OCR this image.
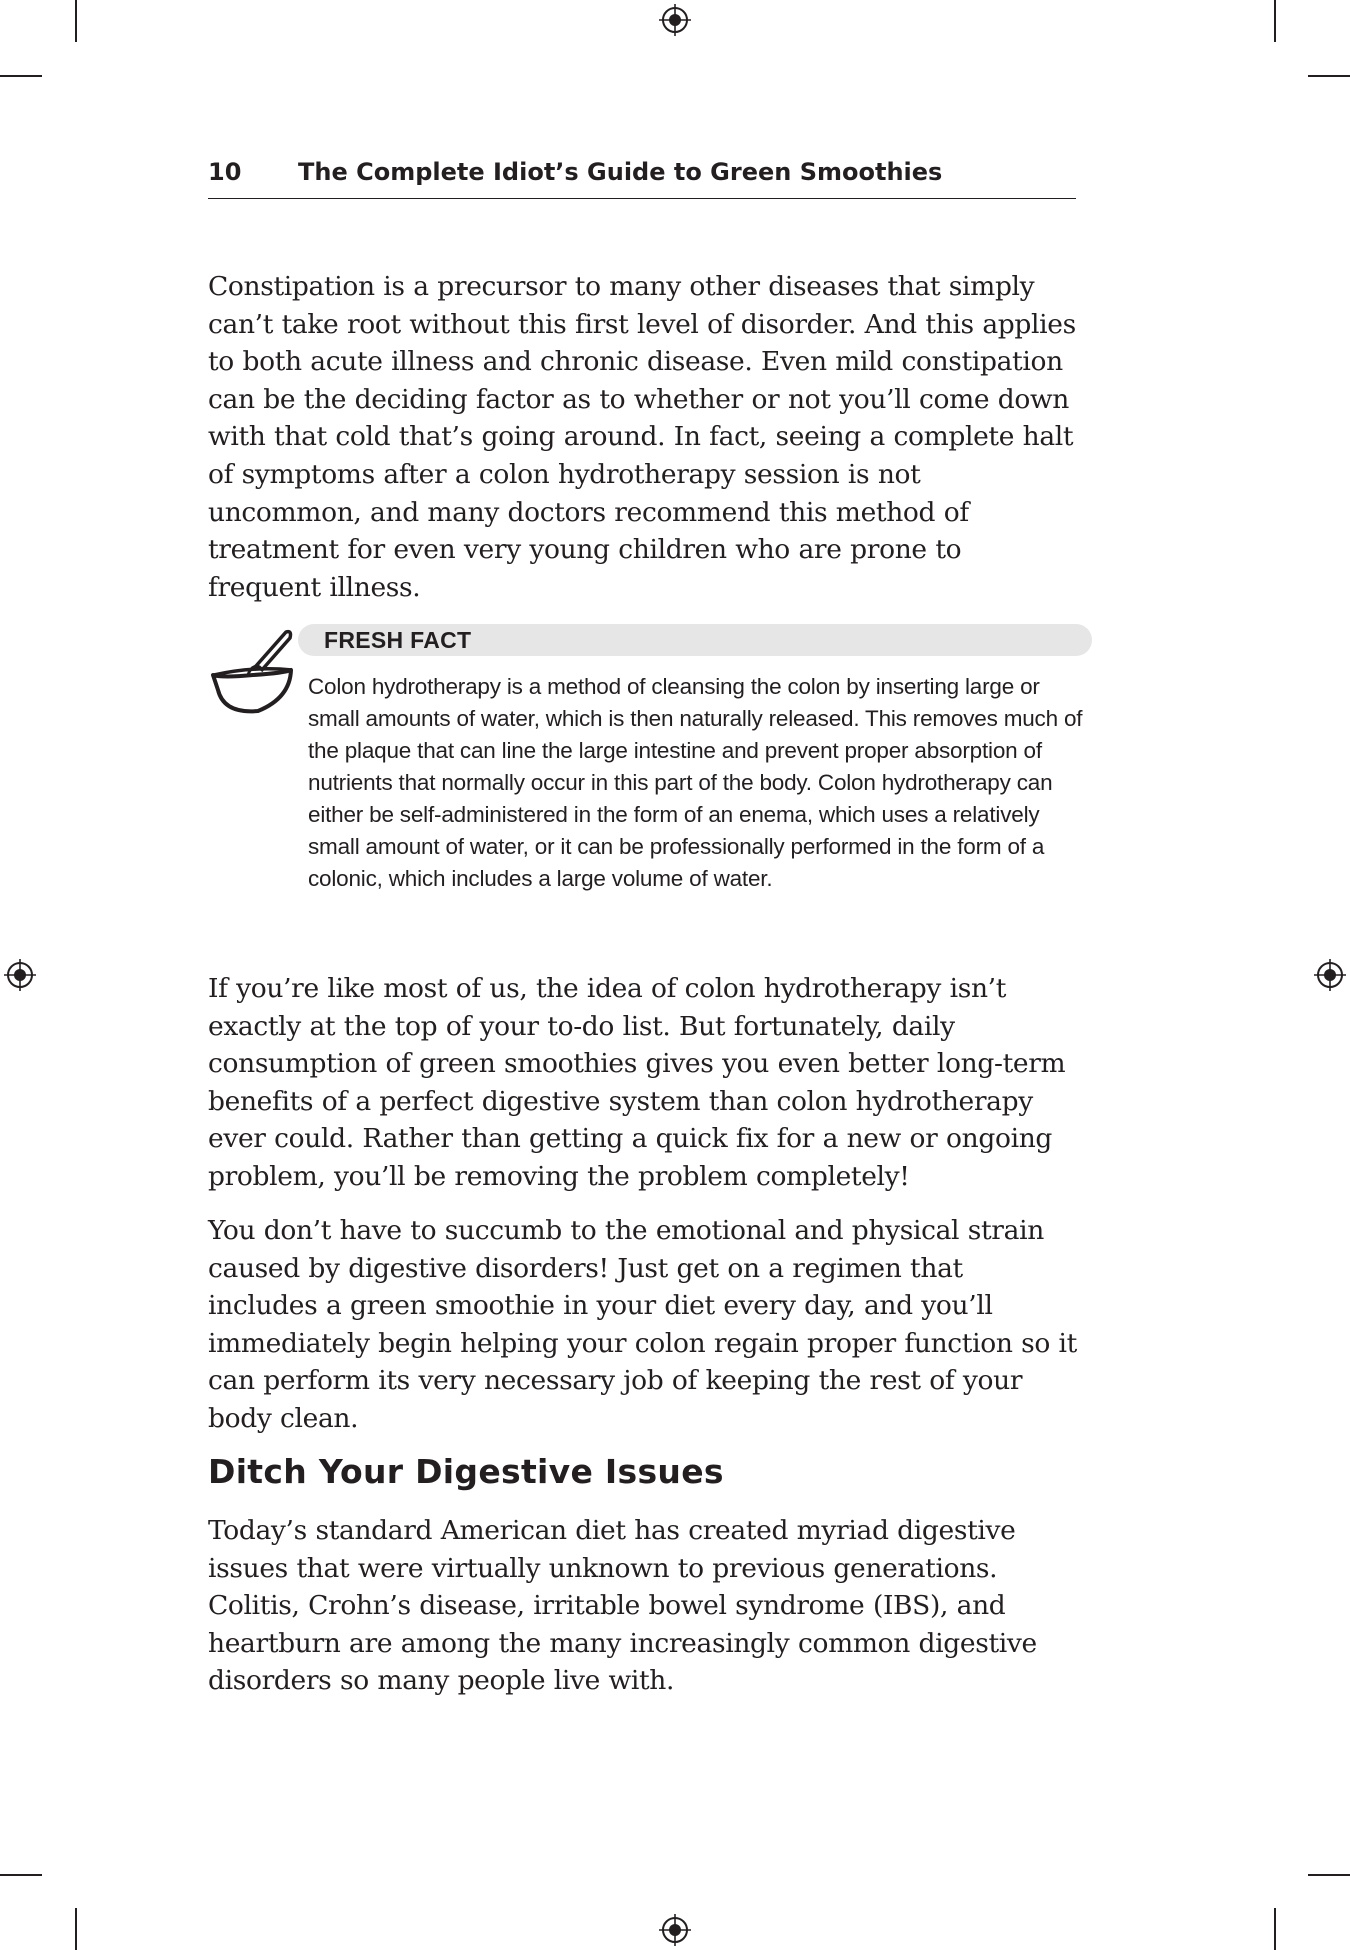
10 The Complete Idiot’s Guide to Green Smoothies

Constipation is a precursor to many other diseases that simply can’t take root without this first level of disorder. And this applies to both acute illness and chronic disease. Even mild constipation can be the deciding factor as to whether or not you’ll come down with that cold that’s going around. In fact, seeing a complete halt of symptoms after a colon hydrotherapy session is not uncommon, and many doctors recommend this method of treatment for even very young children who are prone to frequent illness.

FRESH FACT

Colon hydrotherapy is a method of cleansing the colon by inserting large or small amounts of water, which is then naturally released. This removes much of the plaque that can line the large intestine and prevent proper absorption of nutrients that normally occur in this part of the body. Colon hydrotherapy can either be self-administered in the form of an enema, which uses a relatively small amount of water, or it can be professionally performed in the form of a colonic, which includes a large volume of water.

If you’re like most of us, the idea of colon hydrotherapy isn’t exactly at the top of your to-do list. But fortunately, daily consumption of green smoothies gives you even better long-term benefits of a perfect digestive system than colon hydrotherapy ever could. Rather than getting a quick fix for a new or ongoing problem, you’ll be removing the problem completely!

You don’t have to succumb to the emotional and physical strain caused by digestive disorders! Just get on a regimen that includes a green smoothie in your diet every day, and you’ll immediately begin helping your colon regain proper function so it can perform its very necessary job of keeping the rest of your body clean.

Ditch Your Digestive Issues

Today’s standard American diet has created myriad digestive issues that were virtually unknown to previous generations. Colitis, Crohn’s disease, irritable bowel syndrome (IBS), and heartburn are among the many increasingly common digestive disorders so many people live with.
